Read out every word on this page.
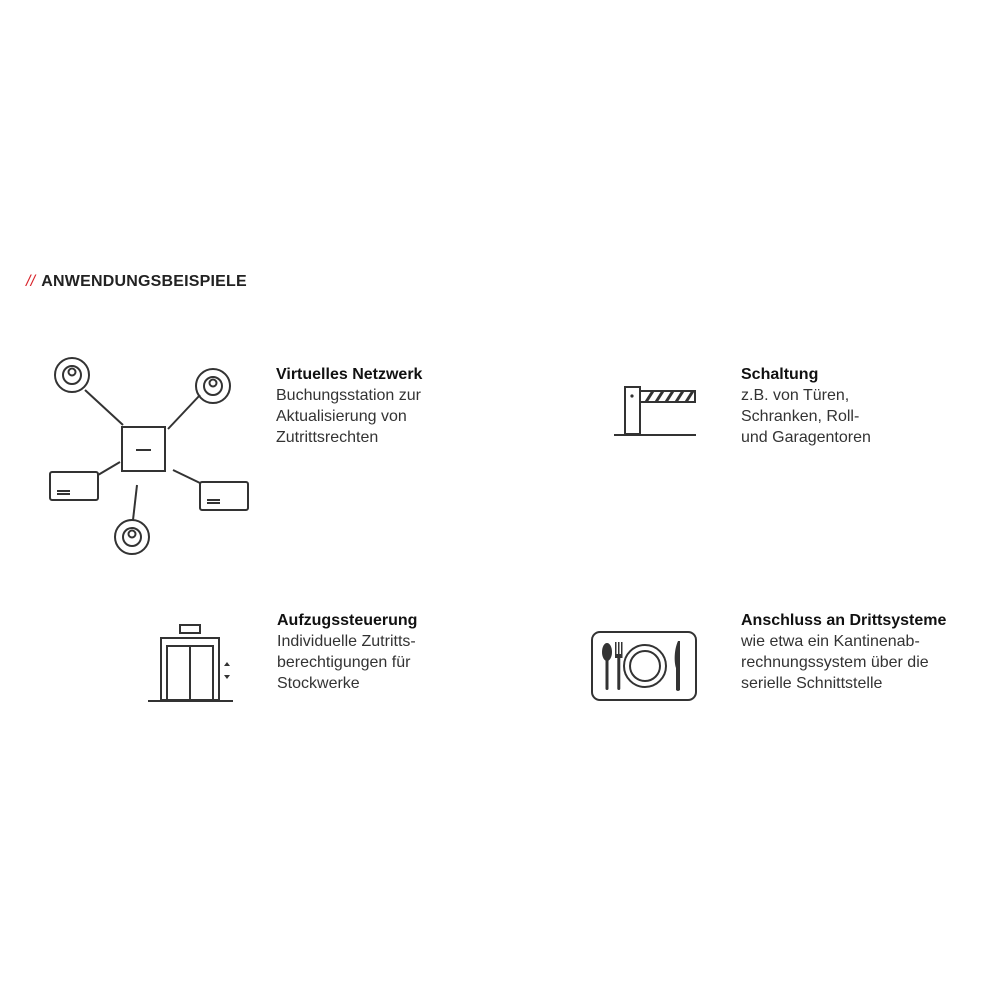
// ANWENDUNGSBEISPIELE
Virtuelles Netzwerk
Buchungsstation zur
Aktualisierung von
Zutrittsrechten
Schaltung
z.B. von Türen,
Schranken, Roll-
und Garagentoren
Aufzugssteuerung
Individuelle Zutritts-
berechtigungen für
Stockwerke
Anschluss an Drittsysteme
wie etwa ein Kantinenab-
rechnungssystem über die
serielle Schnittstelle
